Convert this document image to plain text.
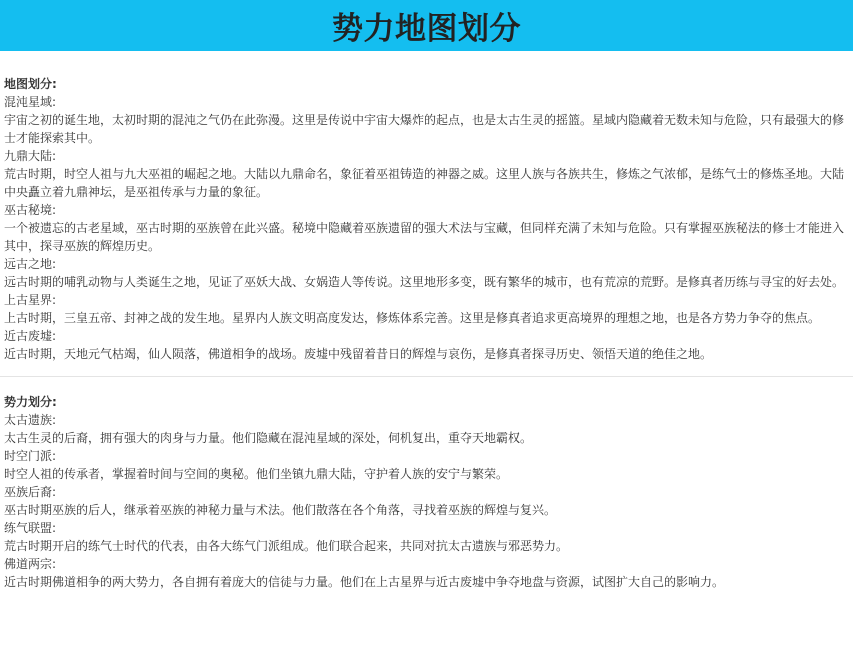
势力地图划分
地图划分:
混沌星域:
宇宙之初的诞生地，太初时期的混沌之气仍在此弥漫。这里是传说中宇宙大爆炸的起点，也是太古生灵的摇篮。星域内隐藏着无数未知与危险，只有最强大的修士才能探索其中。
九鼎大陆:
荒古时期，时空人祖与九大巫祖的崛起之地。大陆以九鼎命名，象征着巫祖铸造的神器之威。这里人族与各族共生，修炼之气浓郁，是练气士的修炼圣地。大陆中央矗立着九鼎神坛，是巫祖传承与力量的象征。
巫古秘境:
一个被遗忘的古老星域，巫古时期的巫族曾在此兴盛。秘境中隐藏着巫族遗留的强大术法与宝藏，但同样充满了未知与危险。只有掌握巫族秘法的修士才能进入其中，探寻巫族的辉煌历史。
远古之地:
远古时期的哺乳动物与人类诞生之地，见证了巫妖大战、女娲造人等传说。这里地形多变，既有繁华的城市，也有荒凉的荒野。是修真者历练与寻宝的好去处。
上古星界:
上古时期，三皇五帝、封神之战的发生地。星界内人族文明高度发达，修炼体系完善。这里是修真者追求更高境界的理想之地，也是各方势力争夺的焦点。
近古废墟:
近古时期，天地元气枯竭，仙人陨落，佛道相争的战场。废墟中残留着昔日的辉煌与哀伤，是修真者探寻历史、领悟天道的绝佳之地。
势力划分:
太古遗族:
太古生灵的后裔，拥有强大的肉身与力量。他们隐藏在混沌星域的深处，伺机复出，重夺天地霸权。
时空门派:
时空人祖的传承者，掌握着时间与空间的奥秘。他们坐镇九鼎大陆，守护着人族的安宁与繁荣。
巫族后裔:
巫古时期巫族的后人，继承着巫族的神秘力量与术法。他们散落在各个角落，寻找着巫族的辉煌与复兴。
练气联盟:
荒古时期开启的练气士时代的代表，由各大练气门派组成。他们联合起来，共同对抗太古遗族与邪恶势力。
佛道两宗:
近古时期佛道相争的两大势力，各自拥有着庞大的信徒与力量。他们在上古星界与近古废墟中争夺地盘与资源，试图扩大自己的影响力。
